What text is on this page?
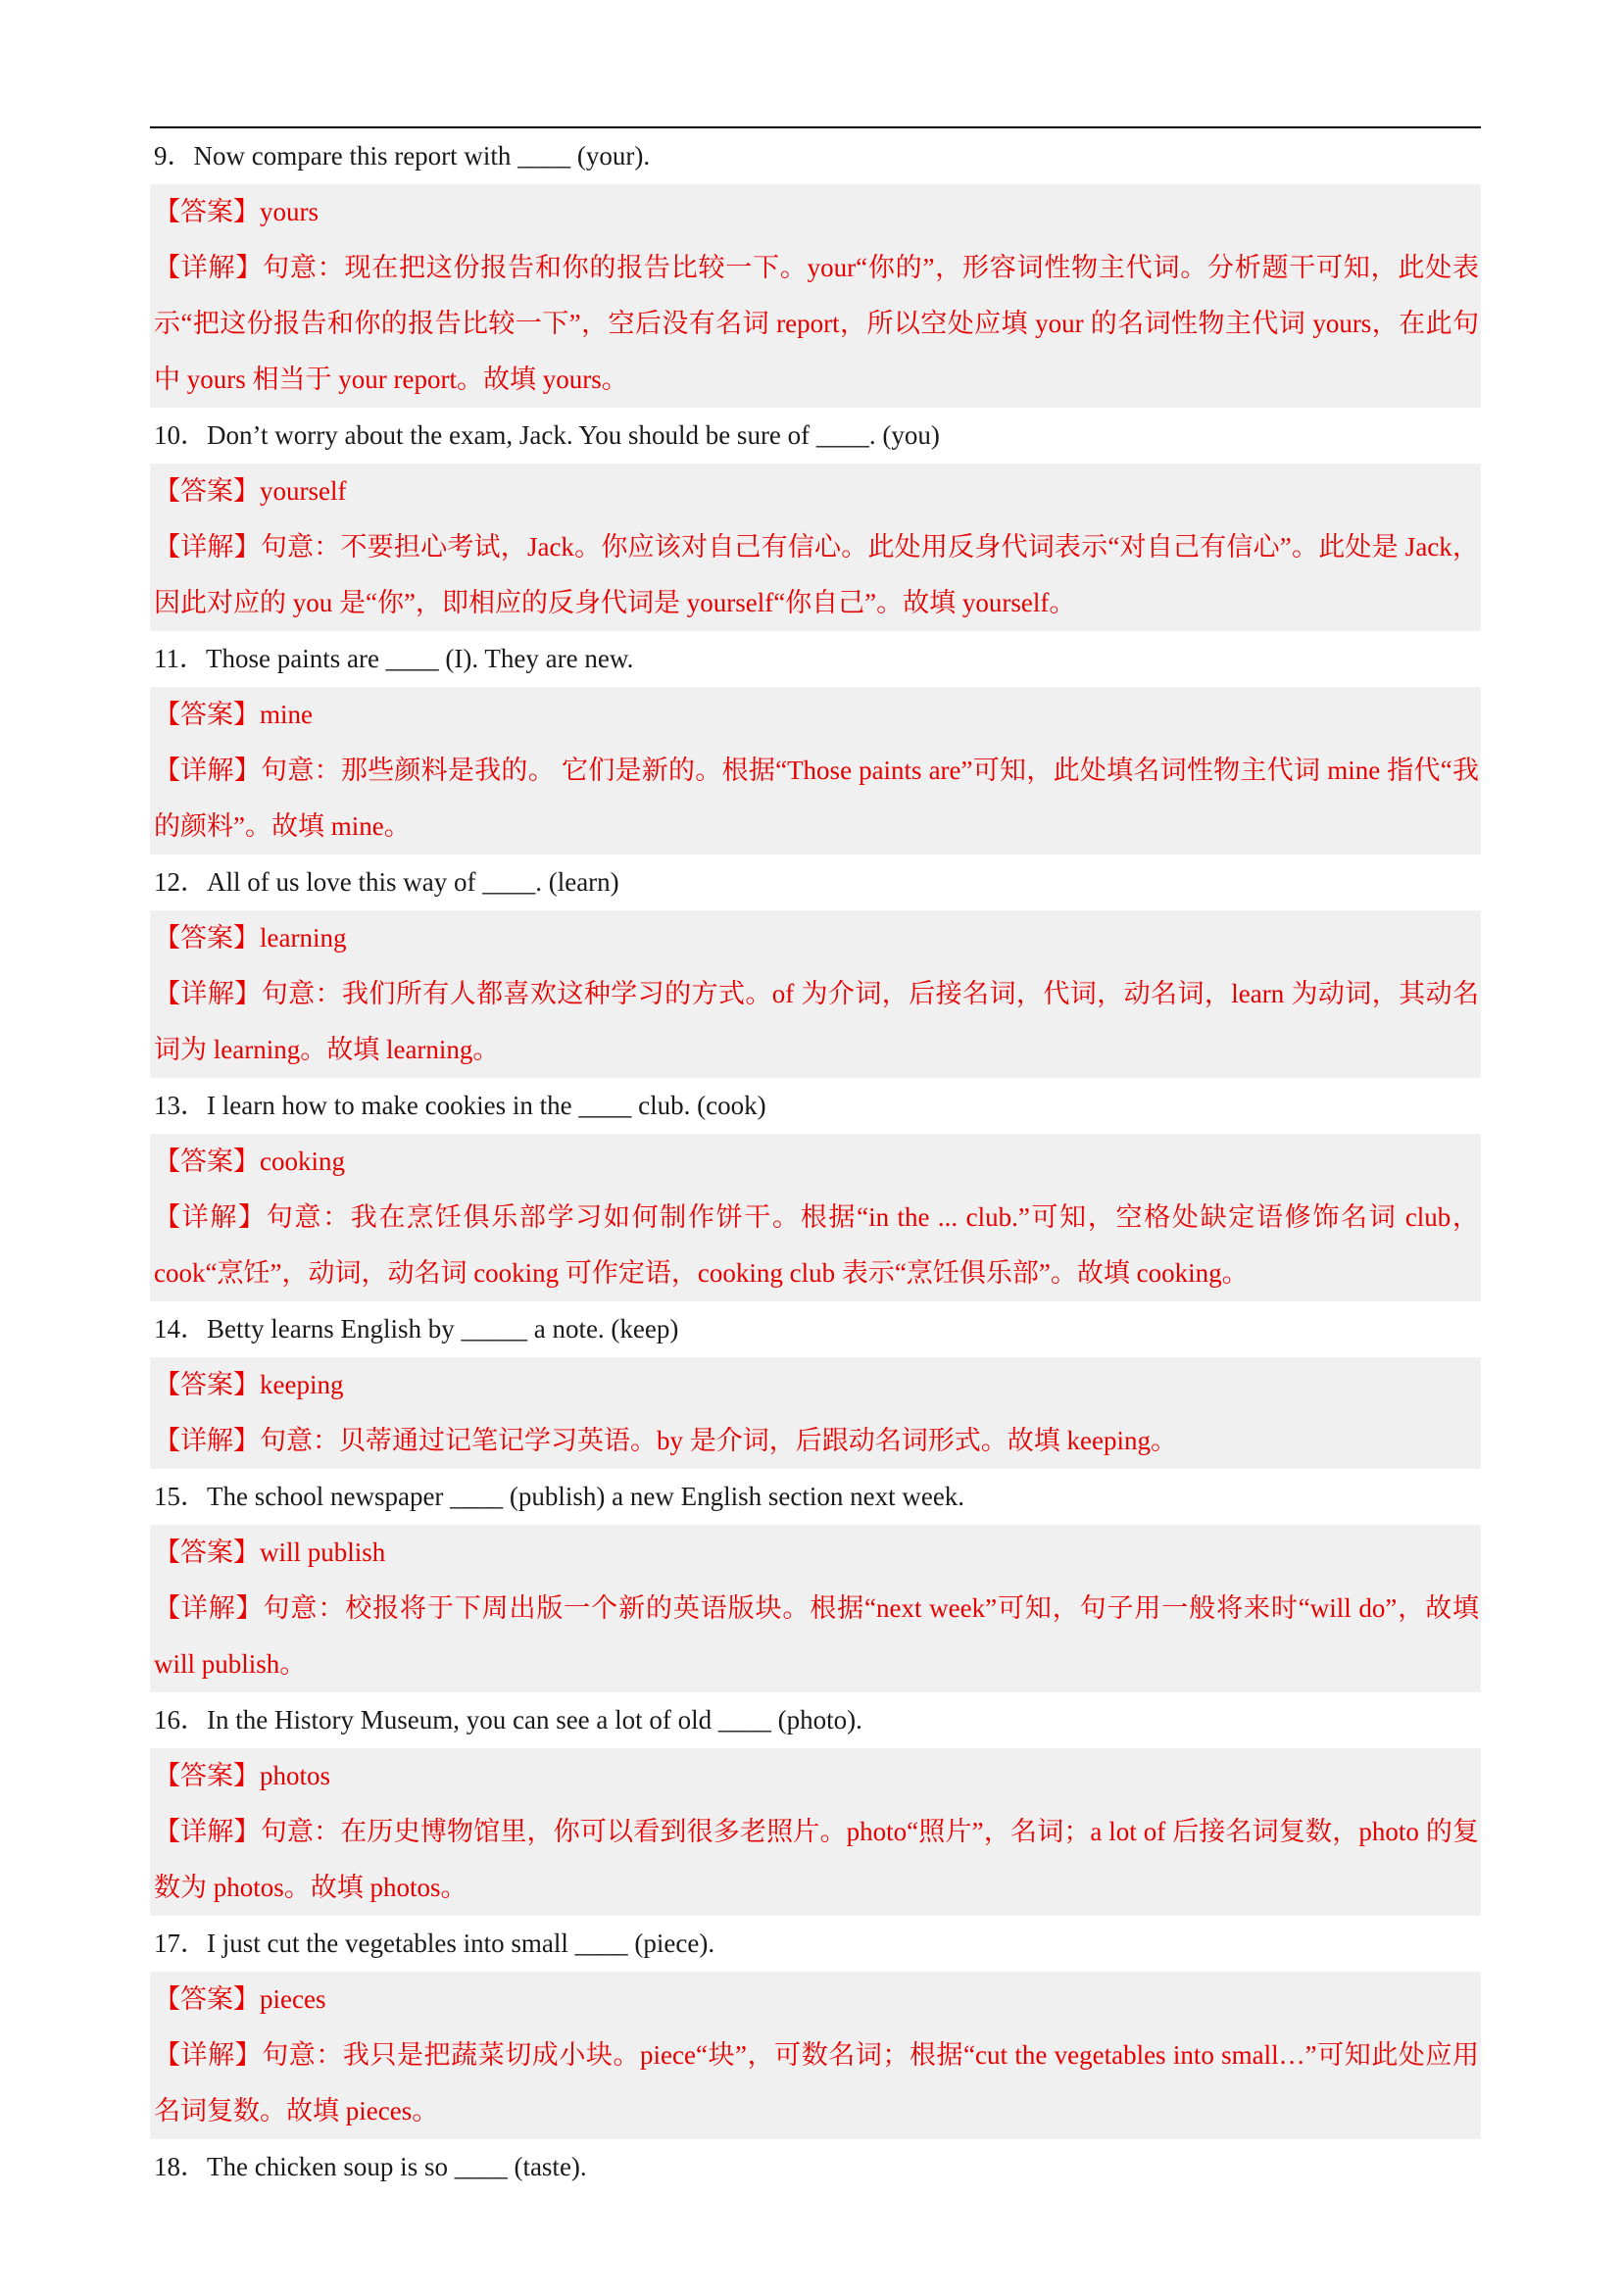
9．Now compare this report with ____ (your).
【答案】yours
【详解】句意：现在把这份报告和你的报告比较一下。your“你的”，形容词性物主代词。分析题干可知，此处表示“把这份报告和你的报告比较一下”，空后没有名词 report，所以空处应填 your 的名词性物主代词 yours，在此句中 yours 相当于 your report。故填 yours。
10．Don’t worry about the exam, Jack. You should be sure of ____. (you)
【答案】yourself
【详解】句意：不要担心考试，Jack。你应该对自己有信心。此处用反身代词表示“对自己有信心”。此处是 Jack，因此对应的 you 是“你”，即相应的反身代词是 yourself“你自己”。故填 yourself。
11．Those paints are ____ (I). They are new.
【答案】mine
【详解】句意：那些颜料是我的。 它们是新的。根据“Those paints are”可知，此处填名词性物主代词 mine 指代“我的颜料”。故填 mine。
12．All of us love this way of ____. (learn)
【答案】learning
【详解】句意：我们所有人都喜欢这种学习的方式。of 为介词，后接名词，代词，动名词，learn 为动词，其动名词为 learning。故填 learning。
13．I learn how to make cookies in the ____ club. (cook)
【答案】cooking
【详解】句意：我在烹饪俱乐部学习如何制作饼干。根据“in the ... club.”可知，空格处缺定语修饰名词 club，cook“烹饪”，动词，动名词 cooking 可作定语，cooking club 表示“烹饪俱乐部”。故填 cooking。
14．Betty learns English by _____ a note. (keep)
【答案】keeping
【详解】句意：贝蒂通过记笔记学习英语。by 是介词，后跟动名词形式。故填 keeping。
15．The school newspaper ____ (publish) a new English section next week.
【答案】will publish
【详解】句意：校报将于下周出版一个新的英语版块。根据“next week”可知，句子用一般将来时“will do”，故填 will publish。
16．In the History Museum, you can see a lot of old ____ (photo).
【答案】photos
【详解】句意：在历史博物馆里，你可以看到很多老照片。photo“照片”，名词；a lot of 后接名词复数，photo 的复数为 photos。故填 photos。
17．I just cut the vegetables into small ____ (piece).
【答案】pieces
【详解】句意：我只是把蔬菜切成小块。piece“块”，可数名词；根据“cut the vegetables into small…”可知此处应用名词复数。故填 pieces。
18．The chicken soup is so ____ (taste).
